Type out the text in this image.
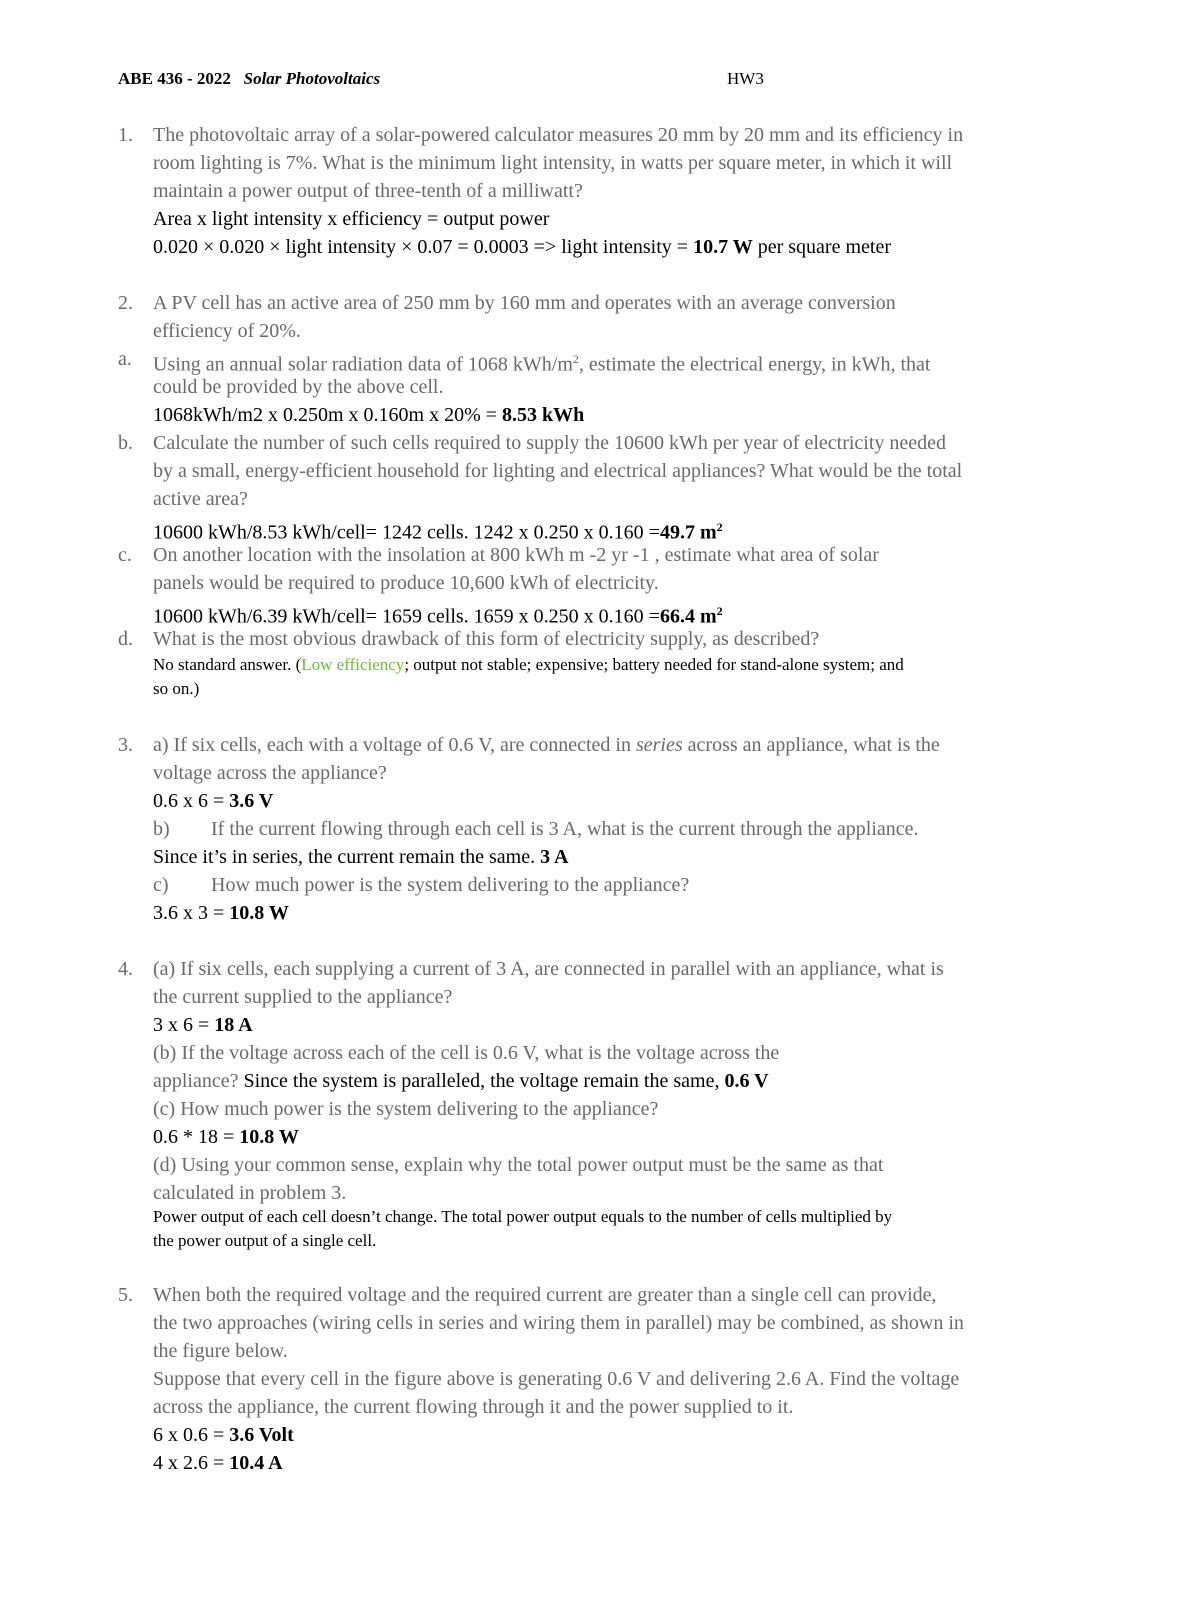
ABE 436 - 2022 Solar Photovoltaics	HW3
1. The photovoltaic array of a solar-powered calculator measures 20 mm by 20 mm and its efficiency in
room lighting is 7%. What is the minimum light intensity, in watts per square meter, in which it will
maintain a power output of three-tenth of a milliwatt?
Area x light intensity x efficiency = output power
0.020 × 0.020 × light intensity × 0.07 = 0.0003 => light intensity = 10.7 W per square meter
2. A PV cell has an active area of 250 mm by 160 mm and operates with an average conversion
efficiency of 20%.
a. Using an annual solar radiation data of 1068 kWh/$m^2$, estimate the electrical energy, in kWh, that
could be provided by the above cell.
1068kWh/m2 x 0.250m x 0.160m x 20% = 8.53 kWh
b. Calculate the number of such cells required to supply the 10600 kWh per year of electricity needed
by a small, energy-efficient household for lighting and electrical appliances? What would be the total
active area?
10600 kWh/8.53 kWh/cell= 1242 cells. 1242 x 0.250 x 0.160 =49.7 $m^2$
c. On another location with the insolation at 800 kWh m -2 yr -1 , estimate what area of solar
panels would be required to produce 10,600 kWh of electricity.
10600 kWh/6.39 kWh/cell= 1659 cells. 1659 x 0.250 x 0.160 =66.4 $m^2$
d. What is the most obvious drawback of this form of electricity supply, as described?
No standard answer. (Low efficiency; output not stable; expensive; battery needed for stand-alone system; and
so on.)
3. a) If six cells, each with a voltage of 0.6 V, are connected in series across an appliance, what is the
voltage across the appliance?
0.6 x 6 = 3.6 V
b) If the current flowing through each cell is 3 A, what is the current through the appliance.
Since it’s in series, the current remain the same. 3 A
c) How much power is the system delivering to the appliance?
3.6 x 3 = 10.8 W
4. (a) If six cells, each supplying a current of 3 A, are connected in parallel with an appliance, what is
the current supplied to the appliance?
3 x 6 = 18 A
(b) If the voltage across each of the cell is 0.6 V, what is the voltage across the
appliance? Since the system is paralleled, the voltage remain the same, 0.6 V
(c) How much power is the system delivering to the appliance?
0.6 * 18 = 10.8 W
(d) Using your common sense, explain why the total power output must be the same as that
calculated in problem 3.
Power output of each cell doesn’t change. The total power output equals to the number of cells multiplied by
the power output of a single cell.
5. When both the required voltage and the required current are greater than a single cell can provide,
the two approaches (wiring cells in series and wiring them in parallel) may be combined, as shown in
the figure below.
Suppose that every cell in the figure above is generating 0.6 V and delivering 2.6 A. Find the voltage
across the appliance, the current flowing through it and the power supplied to it.
6 x 0.6 = 3.6 Volt
4 x 2.6 = 10.4 A
